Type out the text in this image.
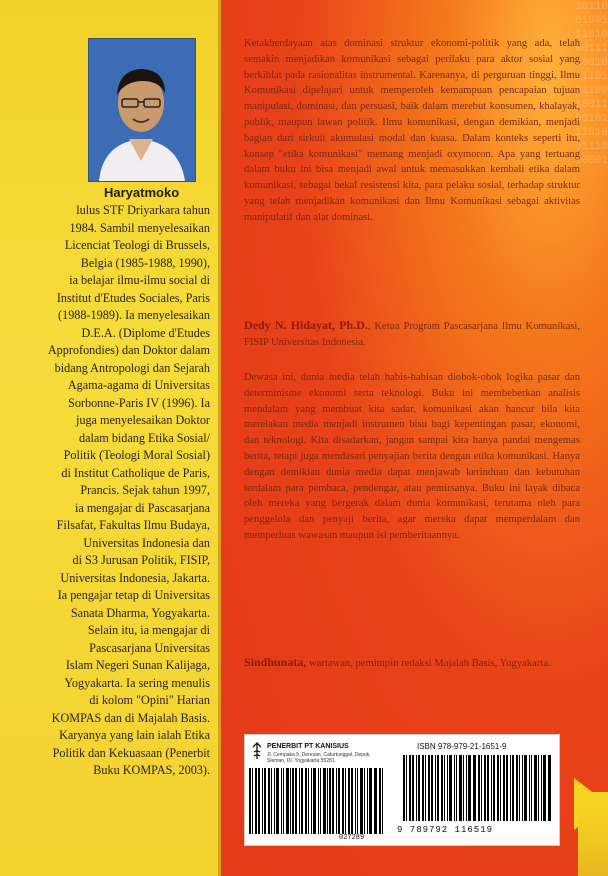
10110
01001
11010
00111
10010
11101
01100
10011
00101
11010
01110
10001
Haryatmoko
lulus STF Driyarkara tahun
1984. Sambil menyelesaikan
Licenciat Teologi di Brussels,
Belgia (1985-1988, 1990),
ia belajar ilmu-ilmu social di
Institut d'Etudes Sociales, Paris
(1988-1989). Ia menyelesaikan
D.E.A. (Diplome d'Etudes
Approfondies) dan Doktor dalam
bidang Antropologi dan Sejarah
Agama-agama di Universitas
Sorbonne-Paris IV (1996). Ia
juga menyelesaikan Doktor
dalam bidang Etika Sosial/
Politik (Teologi Moral Sosial)
di Institut Catholique de Paris,
Prancis. Sejak tahun 1997,
ia mengajar di Pascasarjana
Filsafat, Fakultas Ilmu Budaya,
Universitas Indonesia dan
di S3 Jurusan Politik, FISIP,
Universitas Indonesia, Jakarta.
Ia pengajar tetap di Universitas
Sanata Dharma, Yogyakarta.
Selain itu, ia mengajar di
Pascasarjana Universitas
Islam Negeri Sunan Kalijaga,
Yogyakarta. Ia sering menulis
di kolom "Opini" Harian
KOMPAS dan di Majalah Basis.
Karyanya yang lain ialah Etika
Politik dan Kekuasaan (Penerbit
Buku KOMPAS, 2003).
Ketakberdayaan atas dominasi struktur ekonomi-politik yang ada, telah semakin menjadikan komunikasi sebagai perilaku para aktor sosial yang berkiblat pada rasionalitas instrumental. Karenanya, di perguruan tinggi, Ilmu Komunikasi dipelajari untuk memperoleh kemampuan pencapaian tujuan manipulasi, dominasi, dan persuasi, baik dalam merebut konsumen, khalayak, publik, maupun lawan politik. Ilmu komunikasi, dengan demikian, menjadi bagian dari sirkuit akumulasi modal dan kuasa. Dalam konteks seperti itu, konsep "etika komunikasi" memang menjadi oxymoron. Apa yang tertuang dalam buku ini bisa menjadi awal untuk memasukkan kembali etika dalam komunikasi, sebagai bekal resistensi kita, para pelaku sosial, terhadap struktur yang telah menjadikan komunikasi dan Ilmu Komunikasi sebagai aktivitas manipulatif dan alat dominasi.
Dedy N. Hidayat, Ph.D., Ketua Program Pascasarjana Ilmu Komunikasi, FISIP Universitas Indonesia.
Dewasa ini, dunia media telah habis-habisan diobok-obok logika pasar dan determinisme ekonomi serta teknologi. Buku ini membeberkan analisis mendalam yang membuat kita sadar, komunikasi akan hancur bila kita merelakan media menjadi instrumen bisu bagi kepentingan pasar, ekonomi, dan teknologi. Kita disadarkan, jangan sampai kita hanya pandai mengemas berita, tetapi juga mendasari penyajian berita dengan etika komunikasi. Hanya dengan demikian dunia media dapat menjawab kerinduan dan kebutuhan terdalam para pembaca, pendengar, atau pemirsanya. Buku ini layak dibaca oleh mereka yang bergerak dalam dunia komunikasi, terutama oleh para penggelola dan penyaji berita, agar mereka dapat memperdalam dan memperluas wawasan maupun isi pemberitaannya.
Sindhunata, wartawan, pemimpin redaksi Majalah Basis, Yogyakarta.
PENERBIT PT KANISIUS
Jl. Cempaka 9, Deresan, Caturtunggal, Depok, Sleman, DI. Yogyakarta 55281
ISBN 978-979-21-1651-9
027289
9 789792 116519
